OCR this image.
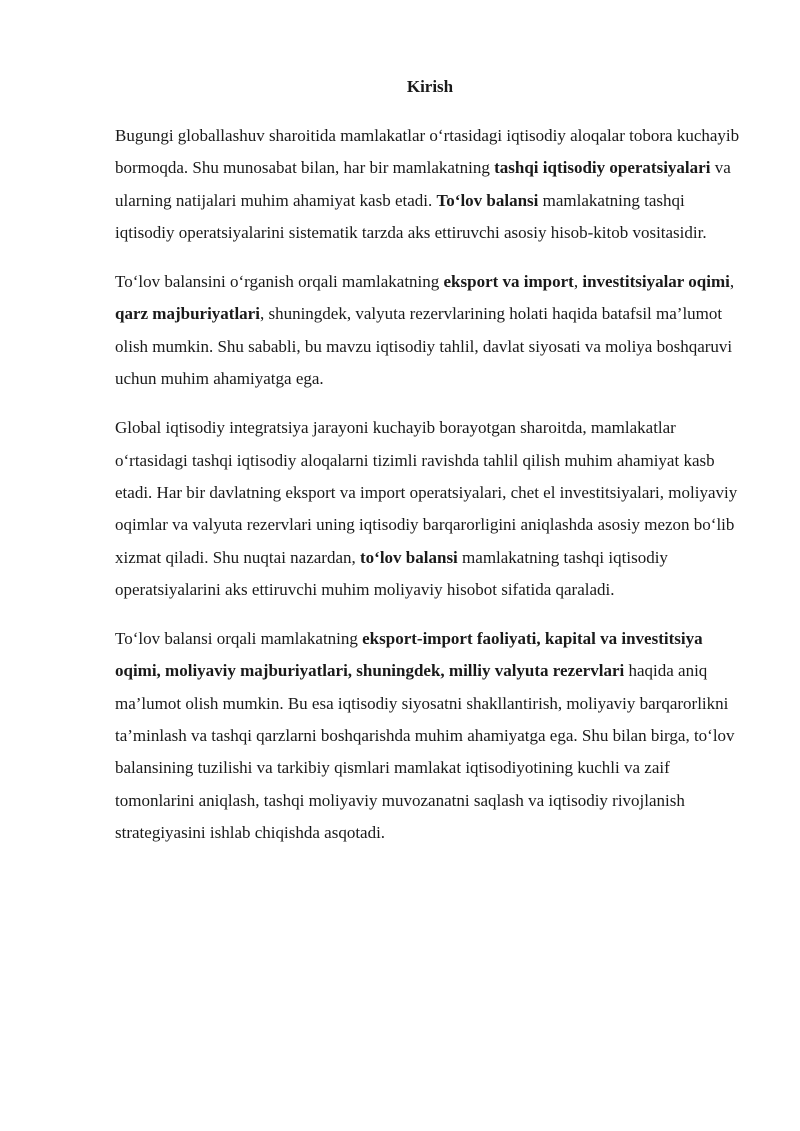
Kirish

Bugungi globallashuv sharoitida mamlakatlar o‘rtasidagi iqtisodiy aloqalar tobora kuchayib bormoqda. Shu munosabat bilan, har bir mamlakatning tashqi iqtisodiy operatsiyalari va ularning natijalari muhim ahamiyat kasb etadi. To‘lov balansi mamlakatning tashqi iqtisodiy operatsiyalarini sistematik tarzda aks ettiruvchi asosiy hisob-kitob vositasidir.

To‘lov balansini o‘rganish orqali mamlakatning eksport va import, investitsiyalar oqimi, qarz majburiyatlari, shuningdek, valyuta rezervlarining holati haqida batafsil ma’lumot olish mumkin. Shu sababli, bu mavzu iqtisodiy tahlil, davlat siyosati va moliya boshqaruvi uchun muhim ahamiyatga ega.

Global iqtisodiy integratsiya jarayoni kuchayib borayotgan sharoitda, mamlakatlar o‘rtasidagi tashqi iqtisodiy aloqalarni tizimli ravishda tahlil qilish muhim ahamiyat kasb etadi. Har bir davlatning eksport va import operatsiyalari, chet el investitsiyalari, moliyaviy oqimlar va valyuta rezervlari uning iqtisodiy barqarorligini aniqlashda asosiy mezon bo‘lib xizmat qiladi. Shu nuqtai nazardan, to‘lov balansi mamlakatning tashqi iqtisodiy operatsiyalarini aks ettiruvchi muhim moliyaviy hisobot sifatida qaraladi.

To‘lov balansi orqali mamlakatning eksport-import faoliyati, kapital va investitsiya oqimi, moliyaviy majburiyatlari, shuningdek, milliy valyuta rezervlari haqida aniq ma’lumot olish mumkin. Bu esa iqtisodiy siyosatni shakllantirish, moliyaviy barqarorlikni ta’minlash va tashqi qarzlarni boshqarishda muhim ahamiyatga ega. Shu bilan birga, to‘lov balansining tuzilishi va tarkibiy qismlari mamlakat iqtisodiyotining kuchli va zaif tomonlarini aniqlash, tashqi moliyaviy muvozanatni saqlash va iqtisodiy rivojlanish strategiyasini ishlab chiqishda asqotadi.
